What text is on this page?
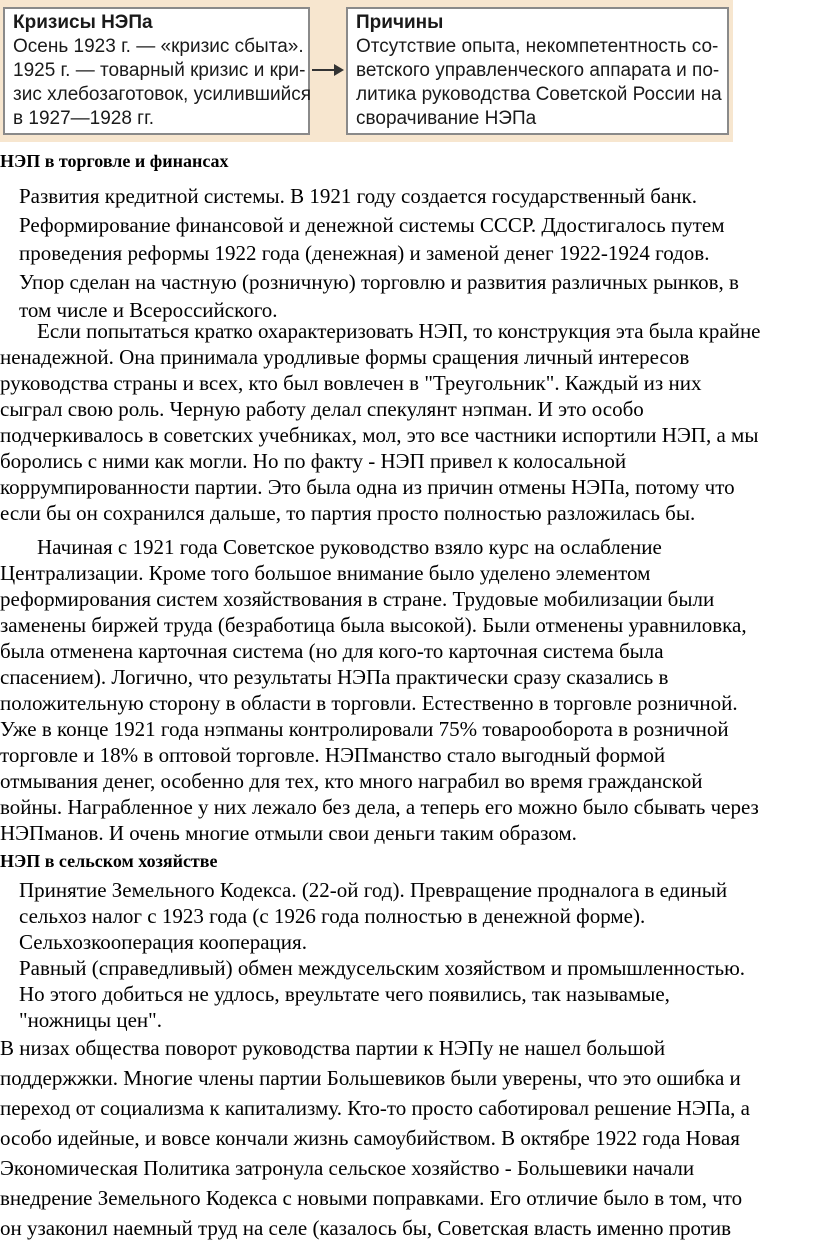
Кризисы НЭПа
Осень 1923 г. — «кризис сбыта».
1925 г. — товарный кризис и кри-
зис хлебозаготовок, усилившийся
в 1927—1928 гг.
Причины
Отсутствие опыта, некомпетентность со-
ветского управленческого аппарата и по-
литика руководства Советской России на
сворачивание НЭПа
НЭП в торговле и финансах
Развития кредитной системы. В 1921 году создается государственный банк.
Реформирование финансовой и денежной системы СССР. Ддостигалось путем
проведения реформы 1922 года (денежная) и заменой денег 1922-1924 годов.
Упор сделан на частную (розничную) торговлю и развития различных рынков, в
том числе и Всероссийского.
Если попытаться кратко охарактеризовать НЭП, то конструкция эта была крайне
ненадежной. Она принимала уродливые формы сращения личный интересов
руководства страны и всех, кто был вовлечен в "Треугольник". Каждый из них
сыграл свою роль. Черную работу делал спекулянт нэпман. И это особо
подчеркивалось в советских учебниках, мол, это все частники испортили НЭП, а мы
боролись с ними как могли. Но по факту - НЭП привел к колосальной
коррумпированности партии. Это была одна из причин отмены НЭПа, потому что
если бы он сохранился дальше, то партия просто полностью разложилась бы.
Начиная с 1921 года Советское руководство взяло курс на ослабление
Централизации. Кроме того большое внимание было уделено элементом
реформирования систем хозяйствования в стране. Трудовые мобилизации были
заменены биржей труда (безработица была высокой). Были отменены уравниловка,
была отменена карточная система (но для кого-то карточная система была
спасением). Логично, что результаты НЭПа практически сразу сказались в
положительную сторону в области в торговли. Естественно в торговле розничной.
Уже в конце 1921 года нэпманы контролировали 75% товарооборота в розничной
торговле и 18% в оптовой торговле. НЭПманство стало выгодный формой
отмывания денег, особенно для тех, кто много награбил во время гражданской
войны. Награбленное у них лежало без дела, а теперь его можно было сбывать через
НЭПманов. И очень многие отмыли свои деньги таким образом.
НЭП в сельском хозяйстве
Принятие Земельного Кодекса. (22-ой год). Превращение продналога в единый
сельхоз налог с 1923 года (с 1926 года полностью в денежной форме).
Сельхозкооперация кооперация.
Равный (справедливый) обмен междусельским хозяйством и промышленностью.
Но этого добиться не удлось, вреультате чего появились, так называмые,
"ножницы цен".
В низах общества поворот руководства партии к НЭПу не нашел большой
поддержжки. Многие члены партии Большевиков были уверены, что это ошибка и
переход от социализма к капитализму. Кто-то просто саботировал решение НЭПа, а
особо идейные, и вовсе кончали жизнь самоубийством. В октябре 1922 года Новая
Экономическая Политика затронула сельское хозяйство - Большевики начали
внедрение Земельного Кодекса с новыми поправками. Его отличие было в том, что
он узаконил наемный труд на селе (казалось бы, Советская власть именно против
